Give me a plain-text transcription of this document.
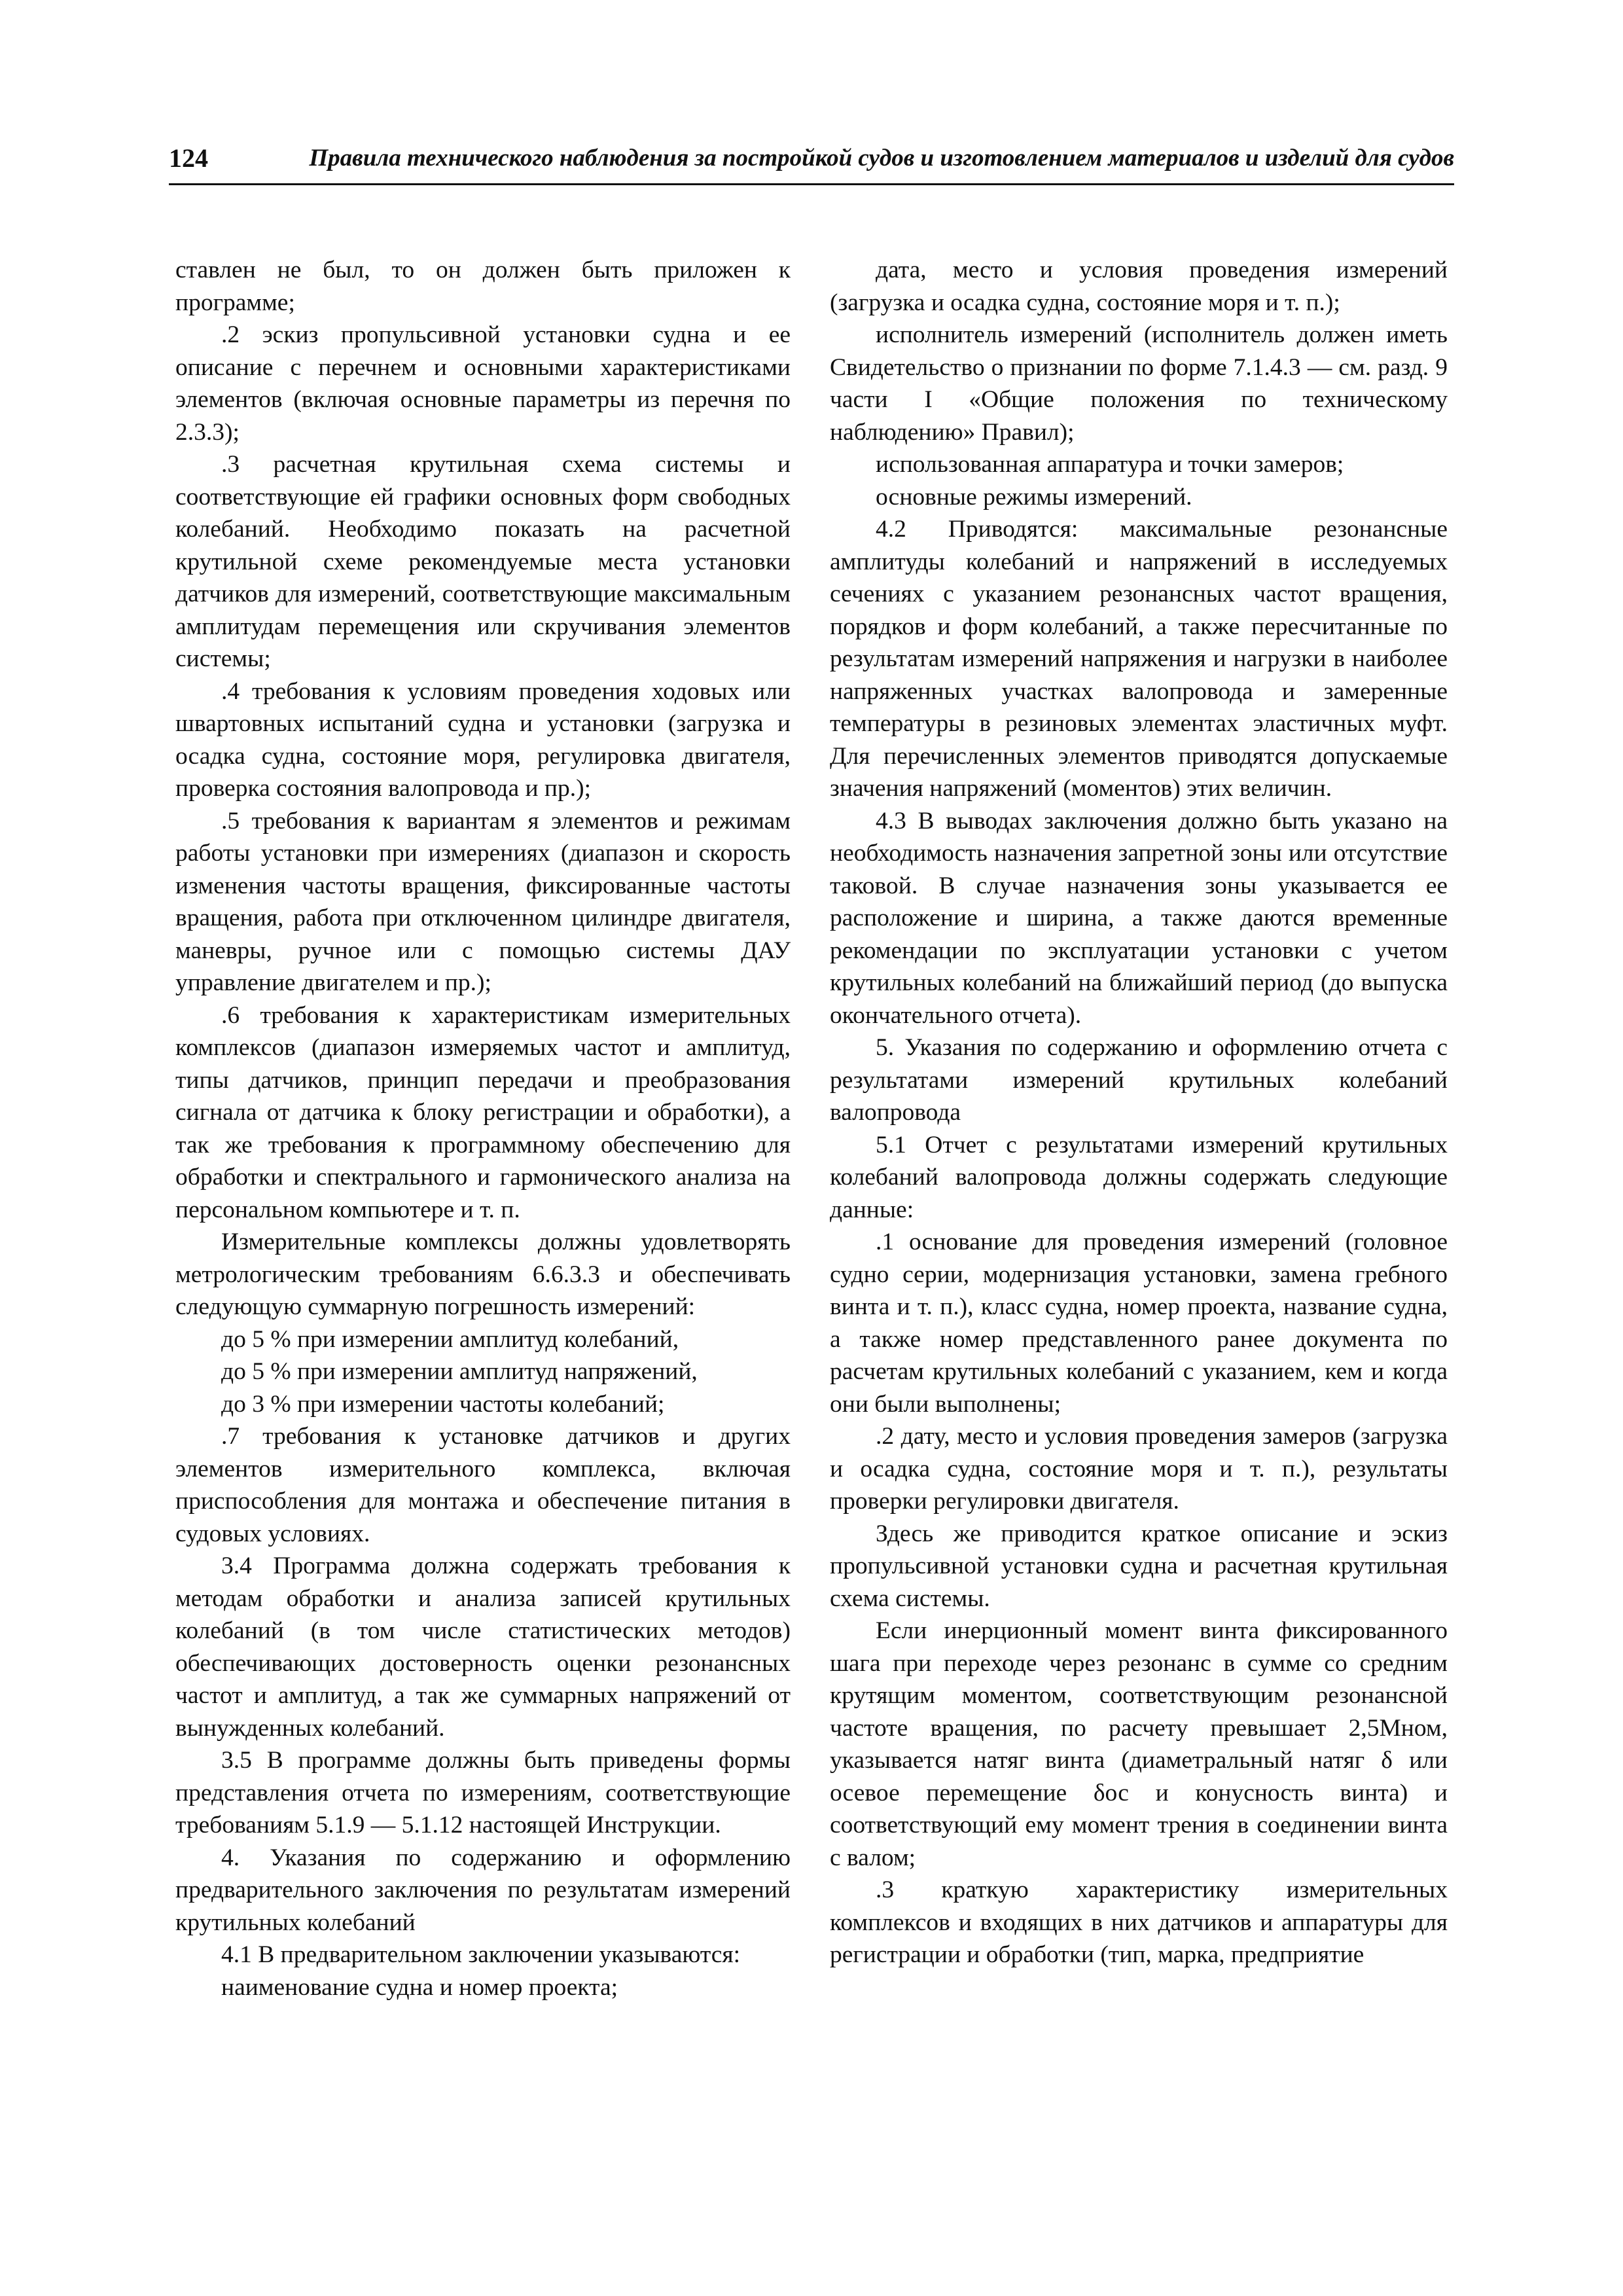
124	Правила технического наблюдения за постройкой судов и изготовлением материалов и изделий для судов

ставлен не был, то он должен быть приложен к программе;

.2 эскиз пропульсивной установки судна и ее описание с перечнем и основными характеристиками элементов (включая основные параметры из перечня по 2.3.3);

.3 расчетная крутильная схема системы и соответствующие ей графики основных форм свободных колебаний. Необходимо показать на расчетной крутильной схеме рекомендуемые места установки датчиков для измерений, соответствующие максимальным амплитудам перемещения или скручивания элементов системы;

.4 требования к условиям проведения ходовых или швартовных испытаний судна и установки (загрузка и осадка судна, состояние моря, регулировка двигателя, проверка состояния валопровода и пр.);

.5 требования к вариантам я элементов и режимам работы установки при измерениях (диапазон и скорость изменения частоты вращения, фиксированные частоты вращения, работа при отключенном цилиндре двигателя, маневры, ручное или с помощью системы ДАУ управление двигателем и пр.);

.6 требования к характеристикам измерительных комплексов (диапазон измеряемых частот и амплитуд, типы датчиков, принцип передачи и преобразования сигнала от датчика к блоку регистрации и обработки), а так же требования к программному обеспечению для обработки и спектрального и гармонического анализа на персональном компьютере и т. п.

Измерительные комплексы должны удовлетворять метрологическим требованиям 6.6.3.3 и обеспечивать следующую суммарную погрешность измерений:

до 5 % при измерении амплитуд колебаний,

до 5 % при измерении амплитуд напряжений,

до 3 % при измерении частоты колебаний;

.7 требования к установке датчиков и других элементов измерительного комплекса, включая приспособления для монтажа и обеспечение питания в судовых условиях.

3.4 Программа должна содержать требования к методам обработки и анализа записей крутильных колебаний (в том числе статистических методов) обеспечивающих достоверность оценки резонансных частот и амплитуд, а так же суммарных напряжений от вынужденных колебаний.

3.5 В программе должны быть приведены формы представления отчета по измерениям, соответствующие требованиям 5.1.9 — 5.1.12 настоящей Инструкции.

4. Указания по содержанию и оформлению предварительного заключения по результатам измерений крутильных колебаний

4.1 В предварительном заключении указываются:

наименование судна и номер проекта;

дата, место и условия проведения измерений (загрузка и осадка судна, состояние моря и т. п.);

исполнитель измерений (исполнитель должен иметь Свидетельство о признании по форме 7.1.4.3 — см. разд. 9 части I «Общие положения по техническому наблюдению» Правил);

использованная аппаратура и точки замеров;

основные режимы измерений.

4.2 Приводятся: максимальные резонансные амплитуды колебаний и напряжений в исследуемых сечениях с указанием резонансных частот вращения, порядков и форм колебаний, а также пересчитанные по результатам измерений напряжения и нагрузки в наиболее напряженных участках валопровода и замеренные температуры в резиновых элементах эластичных муфт. Для перечисленных элементов приводятся допускаемые значения напряжений (моментов) этих величин.

4.3 В выводах заключения должно быть указано на необходимость назначения запретной зоны или отсутствие таковой. В случае назначения зоны указывается ее расположение и ширина, а также даются временные рекомендации по эксплуатации установки с учетом крутильных колебаний на ближайший период (до выпуска окончательного отчета).

5. Указания по содержанию и оформлению отчета с результатами измерений крутильных колебаний валопровода

5.1 Отчет с результатами измерений крутильных колебаний валопровода должны содержать следующие данные:

.1 основание для проведения измерений (головное судно серии, модернизация установки, замена гребного винта и т. п.), класс судна, номер проекта, название судна, а также номер представленного ранее документа по расчетам крутильных колебаний с указанием, кем и когда они были выполнены;

.2 дату, место и условия проведения замеров (загрузка и осадка судна, состояние моря и т. п.), результаты проверки регулировки двигателя.

Здесь же приводится краткое описание и эскиз пропульсивной установки судна и расчетная крутильная схема системы.

Если инерционный момент винта фиксированного шага при переходе через резонанс в сумме со средним крутящим моментом, соответствующим резонансной частоте вращения, по расчету превышает 2,5Mном, указывается натяг винта (диаметральный натяг δ или осевое перемещение δос и конусность винта) и соответствующий ему момент трения в соединении винта с валом;

.3 краткую характеристику измерительных комплексов и входящих в них датчиков и аппаратуры для регистрации и обработки (тип, марка, предприятие
